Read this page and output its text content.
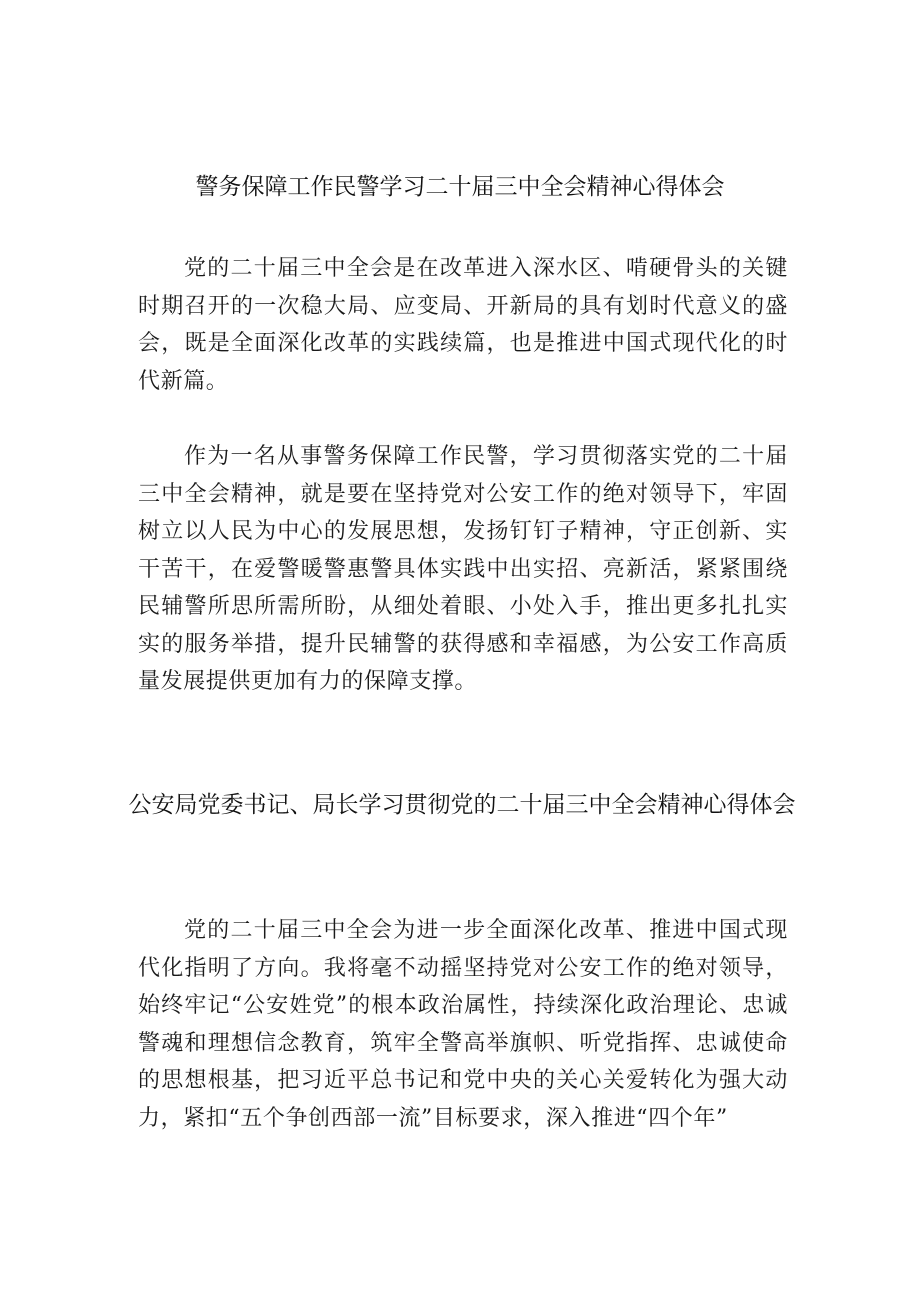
警务保障工作民警学习二十届三中全会精神心得体会

党的二十届三中全会是在改革进入深水区、啃硬骨头的关键时期召开的一次稳大局、应变局、开新局的具有划时代意义的盛会，既是全面深化改革的实践续篇，也是推进中国式现代化的时代新篇。

作为一名从事警务保障工作民警，学习贯彻落实党的二十届三中全会精神，就是要在坚持党对公安工作的绝对领导下，牢固树立以人民为中心的发展思想，发扬钉钉子精神，守正创新、实干苦干，在爱警暖警惠警具体实践中出实招、亮新活，紧紧围绕民辅警所思所需所盼，从细处着眼、小处入手，推出更多扎扎实实的服务举措，提升民辅警的获得感和幸福感，为公安工作高质量发展提供更加有力的保障支撑。

公安局党委书记、局长学习贯彻党的二十届三中全会精神心得体会

党的二十届三中全会为进一步全面深化改革、推进中国式现代化指明了方向。我将毫不动摇坚持党对公安工作的绝对领导，始终牢记“公安姓党”的根本政治属性，持续深化政治理论、忠诚警魂和理想信念教育，筑牢全警高举旗帜、听党指挥、忠诚使命的思想根基，把习近平总书记和党中央的关心关爱转化为强大动力，紧扣“五个争创西部一流”目标要求，深入推进“四个年”
